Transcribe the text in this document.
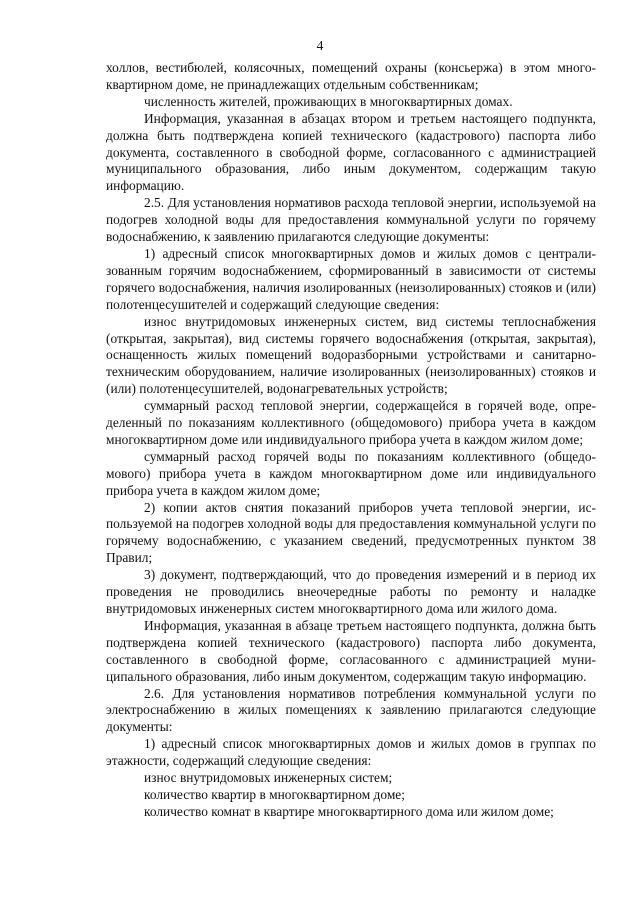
4

холлов, вестибюлей, колясочных, помещений охраны (консьержа) в этом многоквартирном доме, не принадлежащих отдельным собственникам;

численность жителей, проживающих в многоквартирных домах.

Информация, указанная в абзацах втором и третьем настоящего подпункта, должна быть подтверждена копией технического (кадастрового) паспорта либо документа, составленного в свободной форме, согласованного с администрацией муниципального образования, либо иным документом, содержащим такую информацию.

2.5. Для установления нормативов расхода тепловой энергии, используемой на подогрев холодной воды для предоставления коммунальной услуги по горячему водоснабжению, к заявлению прилагаются следующие документы:

1) адресный список многоквартирных домов и жилых домов с централизованным горячим водоснабжением, сформированный в зависимости от системы горячего водоснабжения, наличия изолированных (неизолированных) стояков и (или) полотенцесушителей и содержащий следующие сведения:

износ внутридомовых инженерных систем, вид системы теплоснабжения (открытая, закрытая), вид системы горячего водоснабжения (открытая, закрытая), оснащенность жилых помещений водоразборными устройствами и санитарно-техническим оборудованием, наличие изолированных (неизолированных) стояков и (или) полотенцесушителей, водонагревательных устройств;

суммарный расход тепловой энергии, содержащейся в горячей воде, определенный по показаниям коллективного (общедомового) прибора учета в каждом многоквартирном доме или индивидуального прибора учета в каждом жилом доме;

суммарный расход горячей воды по показаниям коллективного (общедомового) прибора учета в каждом многоквартирном доме или индивидуального прибора учета в каждом жилом доме;

2) копии актов снятия показаний приборов учета тепловой энергии, используемой на подогрев холодной воды для предоставления коммунальной услуги по горячему водоснабжению, с указанием сведений, предусмотренных пунктом 38 Правил;

3) документ, подтверждающий, что до проведения измерений и в период их проведения не проводились внеочередные работы по ремонту и наладке внутридомовых инженерных систем многоквартирного дома или жилого дома.

Информация, указанная в абзаце третьем настоящего подпункта, должна быть подтверждена копией технического (кадастрового) паспорта либо документа, составленного в свободной форме, согласованного с администрацией муниципального образования, либо иным документом, содержащим такую информацию.

2.6. Для установления нормативов потребления коммунальной услуги по электроснабжению в жилых помещениях к заявлению прилагаются следующие документы:

1) адресный список многоквартирных домов и жилых домов в группах по этажности, содержащий следующие сведения:

износ внутридомовых инженерных систем;

количество квартир в многоквартирном доме;

количество комнат в квартире многоквартирного дома или жилом доме;
